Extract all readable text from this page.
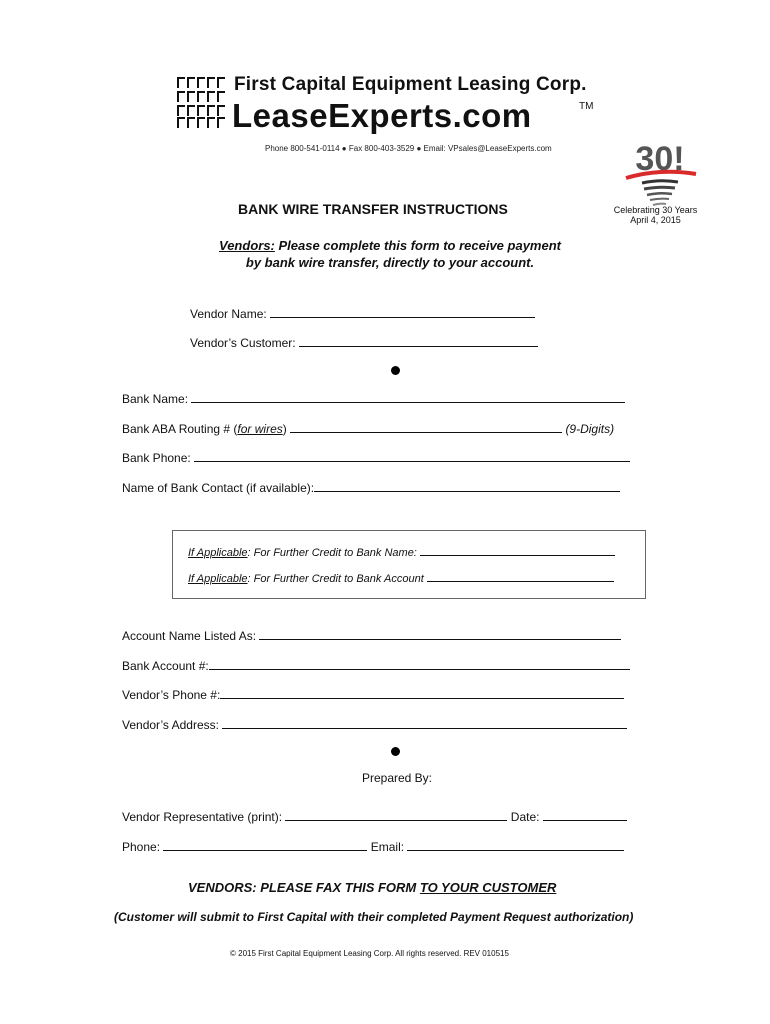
First Capital Equipment Leasing Corp.
LeaseExperts.com	TM
Phone 800-541-0114 ● Fax 800-403-3529 ● Email: VPsales@LeaseExperts.com 30!
Celebrating 30 Years
April 4, 2015
BANK WIRE TRANSFER INSTRUCTIONS
Vendors: Please complete this form to receive payment
by bank wire transfer, directly to your account.
Vendor Name:
Vendor’s Customer:
Bank Name:
Bank ABA Routing # (for wires)	(9-Digits)
Bank Phone:
Name of Bank Contact (if available):
If Applicable: For Further Credit to Bank Name:
If Applicable: For Further Credit to Bank Account
Account Name Listed As:
Bank Account #:
Vendor’s Phone #:
Vendor’s Address:
Prepared By:
Vendor Representative (print):	Date:
Phone:	Email:
VENDORS: PLEASE FAX THIS FORM TO YOUR CUSTOMER
(Customer will submit to First Capital with their completed Payment Request authorization)
© 2015 First Capital Equipment Leasing Corp. All rights reserved. REV 010515
